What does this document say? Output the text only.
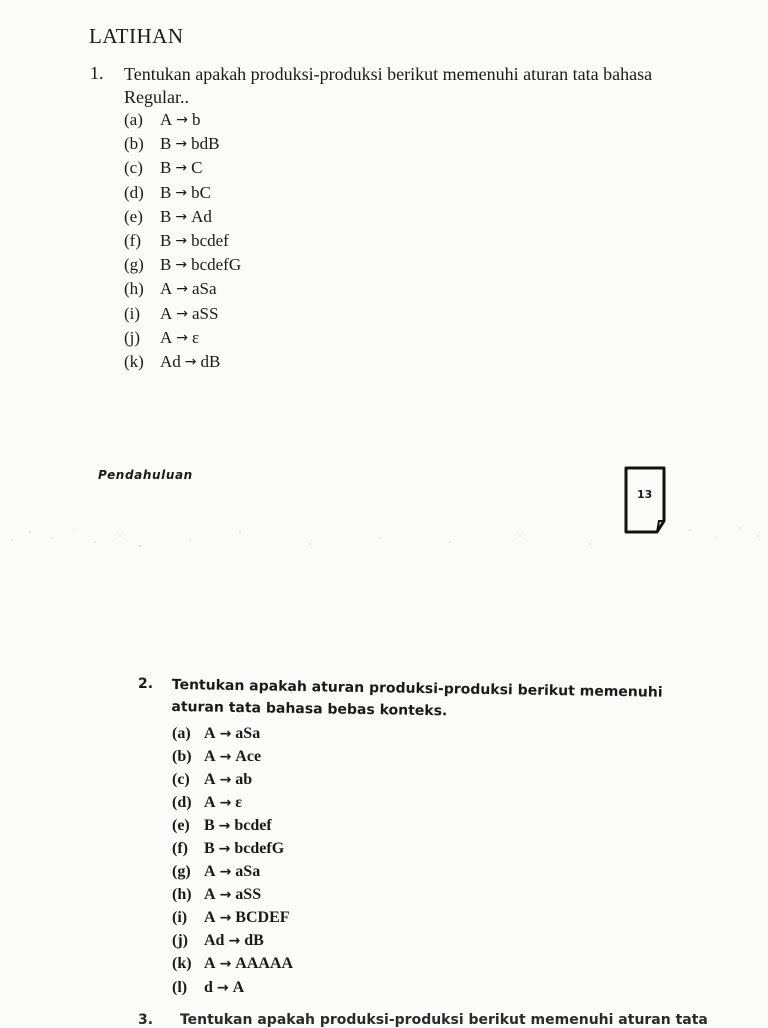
LATIHAN
1. Tentukan apakah produksi-produksi berikut memenuhi aturan tata bahasa Regular..
(a)	A → b
(b) B → bdB
(c)	B → C
(d) B → bC
(e)	B → Ad
(f)	B → bcdef
(g) B → bcdefG
(h) A → aSa
(i)	A → aSS
(j)	A → ε
(k) Ad → dB
Pendahuluan
13
2. Tentukan apakah aturan produksi-produksi berikut memenuhi aturan tata bahasa bebas konteks.
(a) A → aSa
(b) A → Ace
(c) A → ab
(d) A → ε
(e) B → bcdef
(f)	B → bcdefG
(g) A → aSa
(h) A → aSS
(i)	A → BCDEF
(j)	Ad → dB
(k) A → AAAAA
(l)	d → A
3. Tentukan apakah produksi-produksi berikut memenuhi aturan tata
